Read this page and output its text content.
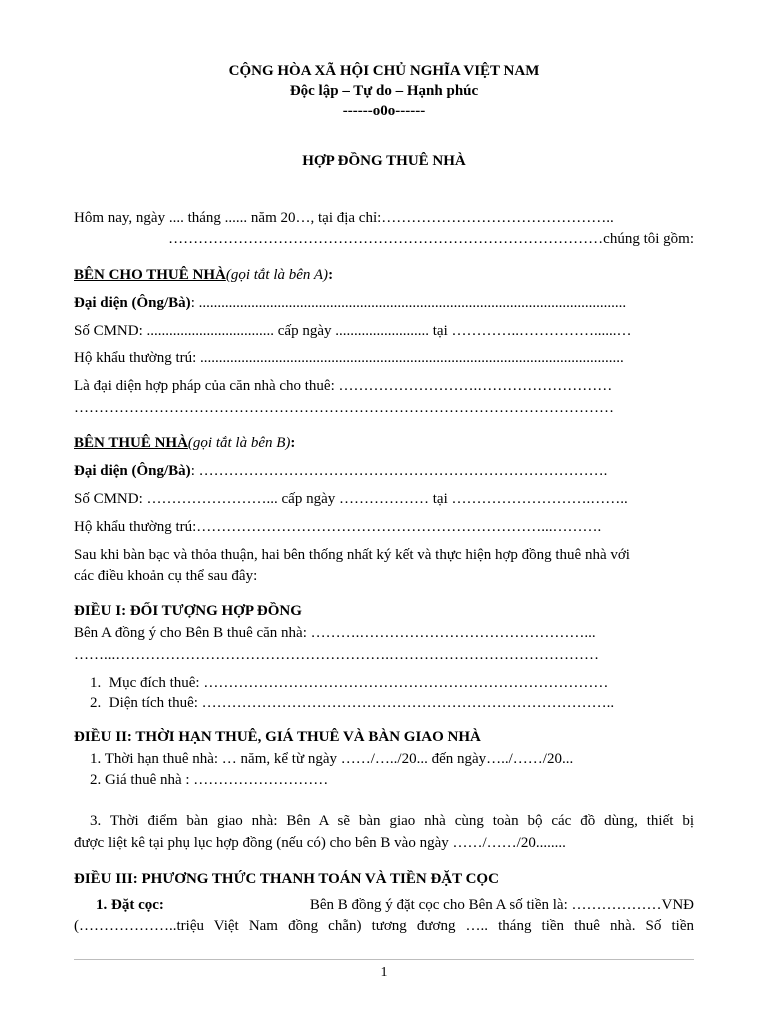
CỘNG HÒA XÃ HỘI CHỦ NGHĨA VIỆT NAM
Độc lập – Tự do – Hạnh phúc
------o0o------
HỢP ĐỒNG THUÊ NHÀ
Hôm nay, ngày .... tháng ...... năm 20…, tại địa chỉ:………………………………………..
……………………………………………………………………………chúng tôi gồm:
BÊN CHO THUÊ NHÀ(gọi tắt là bên A):
Đại diện (Ông/Bà): ..................................................................................................................
Số CMND: .................................. cấp ngày ......................... tại …………..……………......…
Hộ khẩu thường trú: .................................................................................................................
Là đại diện hợp pháp của căn nhà cho thuê: ……………………….………………………
………………………………………………………………………………………………
BÊN THUÊ NHÀ(gọi tắt là bên B):
Đại diện (Ông/Bà): ……………………………………………………………………….
Số CMND: ……………………... cấp ngày ……………… tại ……………………….……..
Hộ khẩu thường trú:……………………………………………………………...……….
Sau khi bàn bạc và thỏa thuận, hai bên thống nhất ký kết và thực hiện hợp đồng thuê nhà với
các điều khoản cụ thể sau đây:
ĐIỀU I: ĐỐI TƯỢNG HỢP ĐỒNG
Bên A đồng ý cho Bên B thuê căn nhà: ……….………………………………………...
……...……………………………………………….……………………………………
1. Mục đích thuê: ………………………………………………………………………
2. Diện tích thuê: ………………………………………………………………………..
ĐIỀU II: THỜI HẠN THUÊ, GIÁ THUÊ VÀ BÀN GIAO NHÀ
1. Thời hạn thuê nhà: … năm, kể từ ngày ……/…../20... đến ngày…../……/20...
2. Giá thuê nhà : ………………………
3. Thời điểm bàn giao nhà: Bên A sẽ bàn giao nhà cùng toàn bộ các đồ dùng, thiết bị
được liệt kê tại phụ lục hợp đồng (nếu có) cho bên B vào ngày ……/……/20........
ĐIỀU III: PHƯƠNG THỨC THANH TOÁN VÀ TIỀN ĐẶT CỌC
1. Đặt cọc:	Bên B đồng ý đặt cọc cho Bên A số tiền là: ………………VNĐ
(………………..triệu Việt Nam đồng chẵn) tương đương ….. tháng tiền thuê nhà. Số tiền
1
